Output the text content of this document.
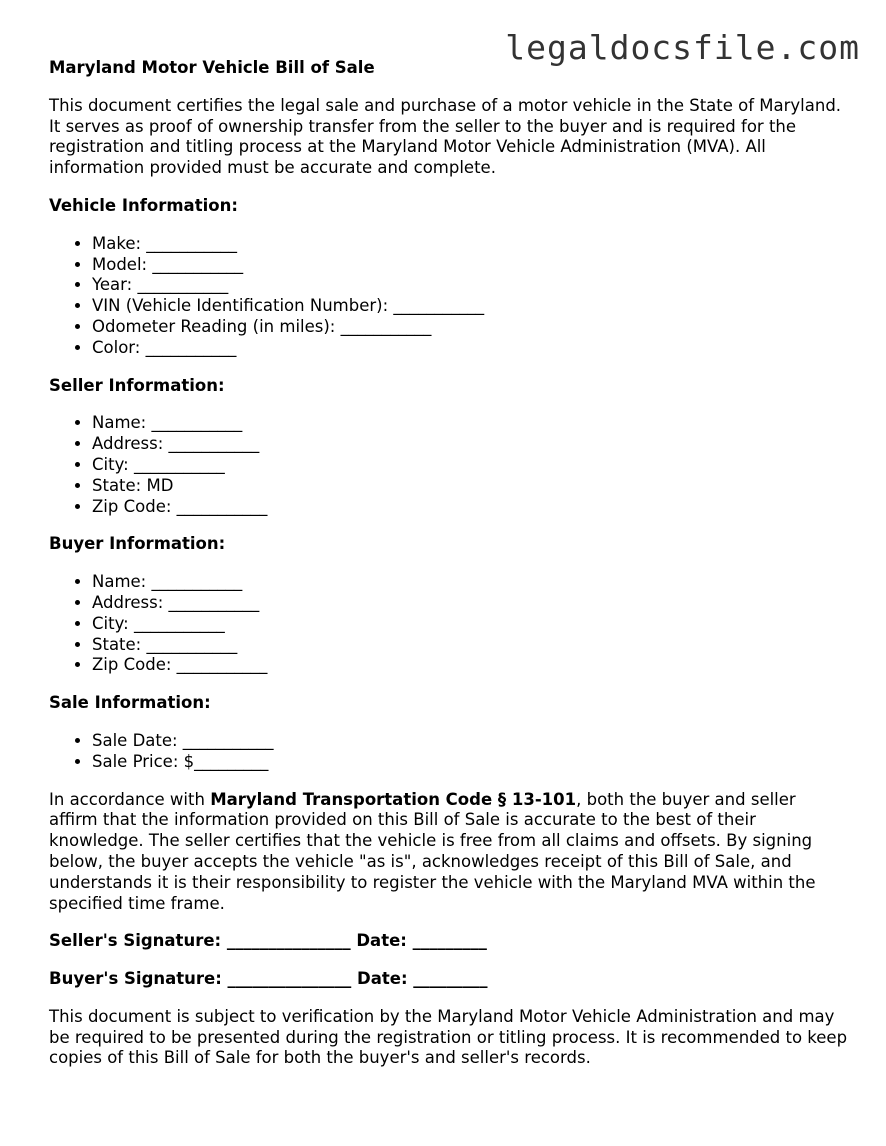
legaldocsfile.com
Maryland Motor Vehicle Bill of Sale

This document certifies the legal sale and purchase of a motor vehicle in the State of Maryland. It serves as proof of ownership transfer from the seller to the buyer and is required for the registration and titling process at the Maryland Motor Vehicle Administration (MVA). All information provided must be accurate and complete.

Vehicle Information:
• Make: ___________
• Model: ___________
• Year: ___________
• VIN (Vehicle Identification Number): ___________
• Odometer Reading (in miles): ___________
• Color: ___________
Seller Information:
• Name: ___________
• Address: ___________
• City: ___________
• State: MD
• Zip Code: ___________
Buyer Information:
• Name: ___________
• Address: ___________
• City: ___________
• State: ___________
• Zip Code: ___________
Sale Information:
• Sale Date: ___________
• Sale Price: $_________

In accordance with Maryland Transportation Code § 13-101, both the buyer and seller affirm that the information provided on this Bill of Sale is accurate to the best of their knowledge. The seller certifies that the vehicle is free from all claims and offsets. By signing below, the buyer accepts the vehicle "as is", acknowledges receipt of this Bill of Sale, and understands it is their responsibility to register the vehicle with the Maryland MVA within the specified time frame.

Seller's Signature: _______________ Date: _________
Buyer's Signature: _______________ Date: _________

This document is subject to verification by the Maryland Motor Vehicle Administration and may be required to be presented during the registration or titling process. It is recommended to keep copies of this Bill of Sale for both the buyer's and seller's records.
